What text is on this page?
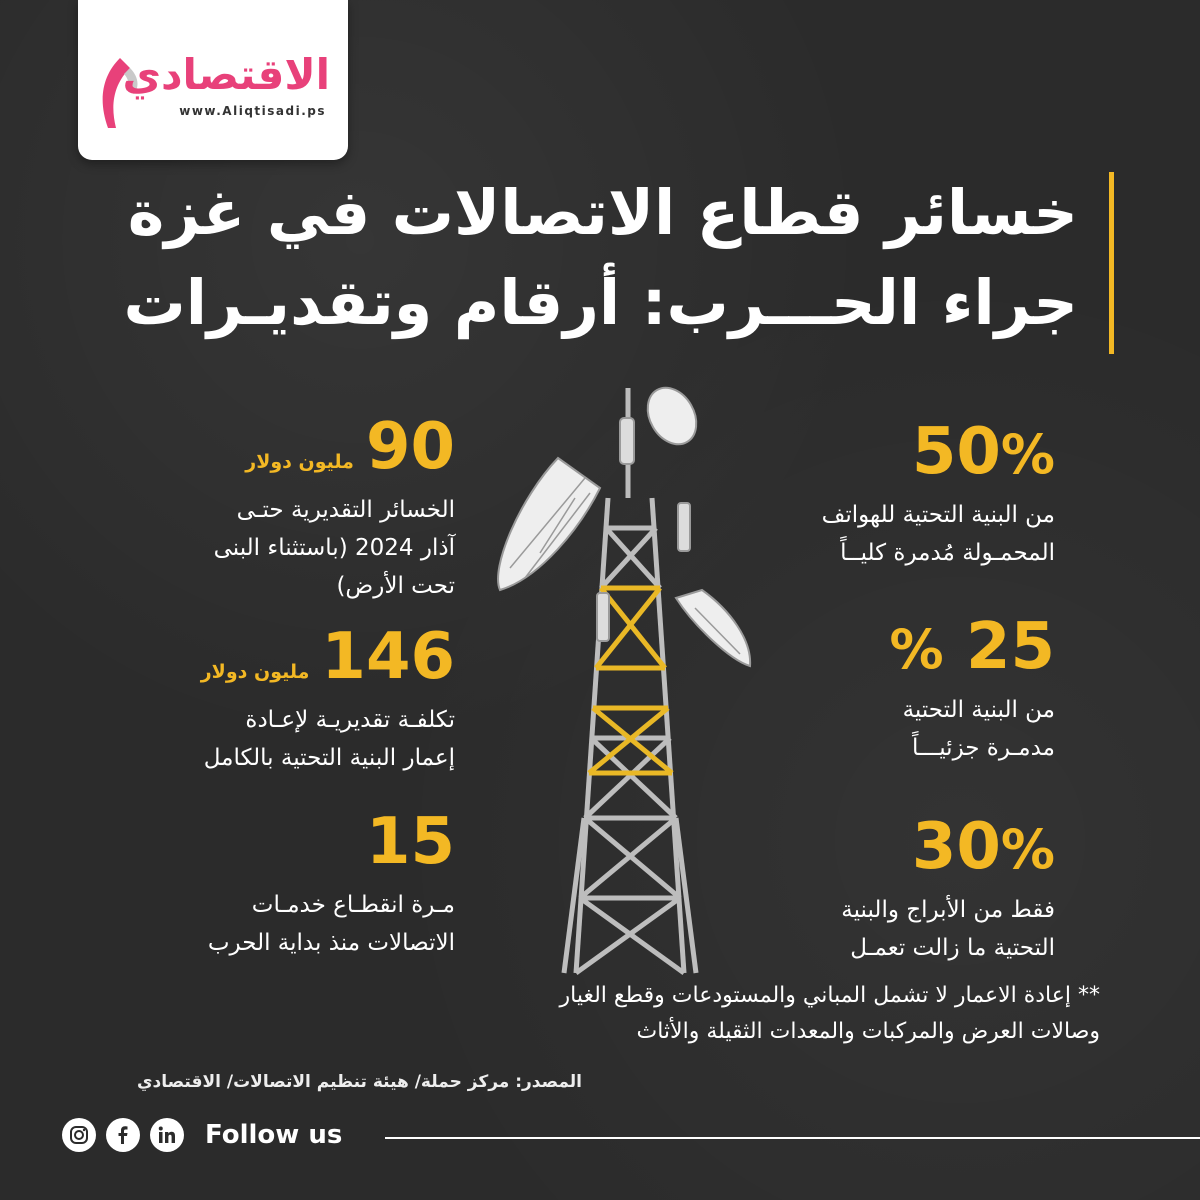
الاقتصادي
www.Aliqtisadi.ps
خسائر قطاع الاتصالات في غزة
جراء الحـــرب: أرقام وتقديـرات
50%
من البنية التحتية للهواتف
المحمـولة مُدمرة كليــاً
25 %
من البنية التحتية
مدمـرة جزئيـــاً
30%
فقط من الأبراج والبنية
التحتية ما زالت تعمـل
90مليون دولار
الخسائر التقديرية حتـى
آذار 2024 (باستثناء البنى
تحت الأرض)
146مليون دولار
تكلفـة تقديريـة لإعـادة
إعمار البنية التحتية بالكامل
15
مـرة انقطـاع خدمـات
الاتصالات منذ بداية الحرب
** إعادة الاعمار لا تشمل المباني والمستودعات وقطع الغيار
وصالات العرض والمركبات والمعدات الثقيلة والأثاث
المصدر: مركز حملة/ هيئة تنظيم الاتصالات/ الاقتصادي
Follow us
